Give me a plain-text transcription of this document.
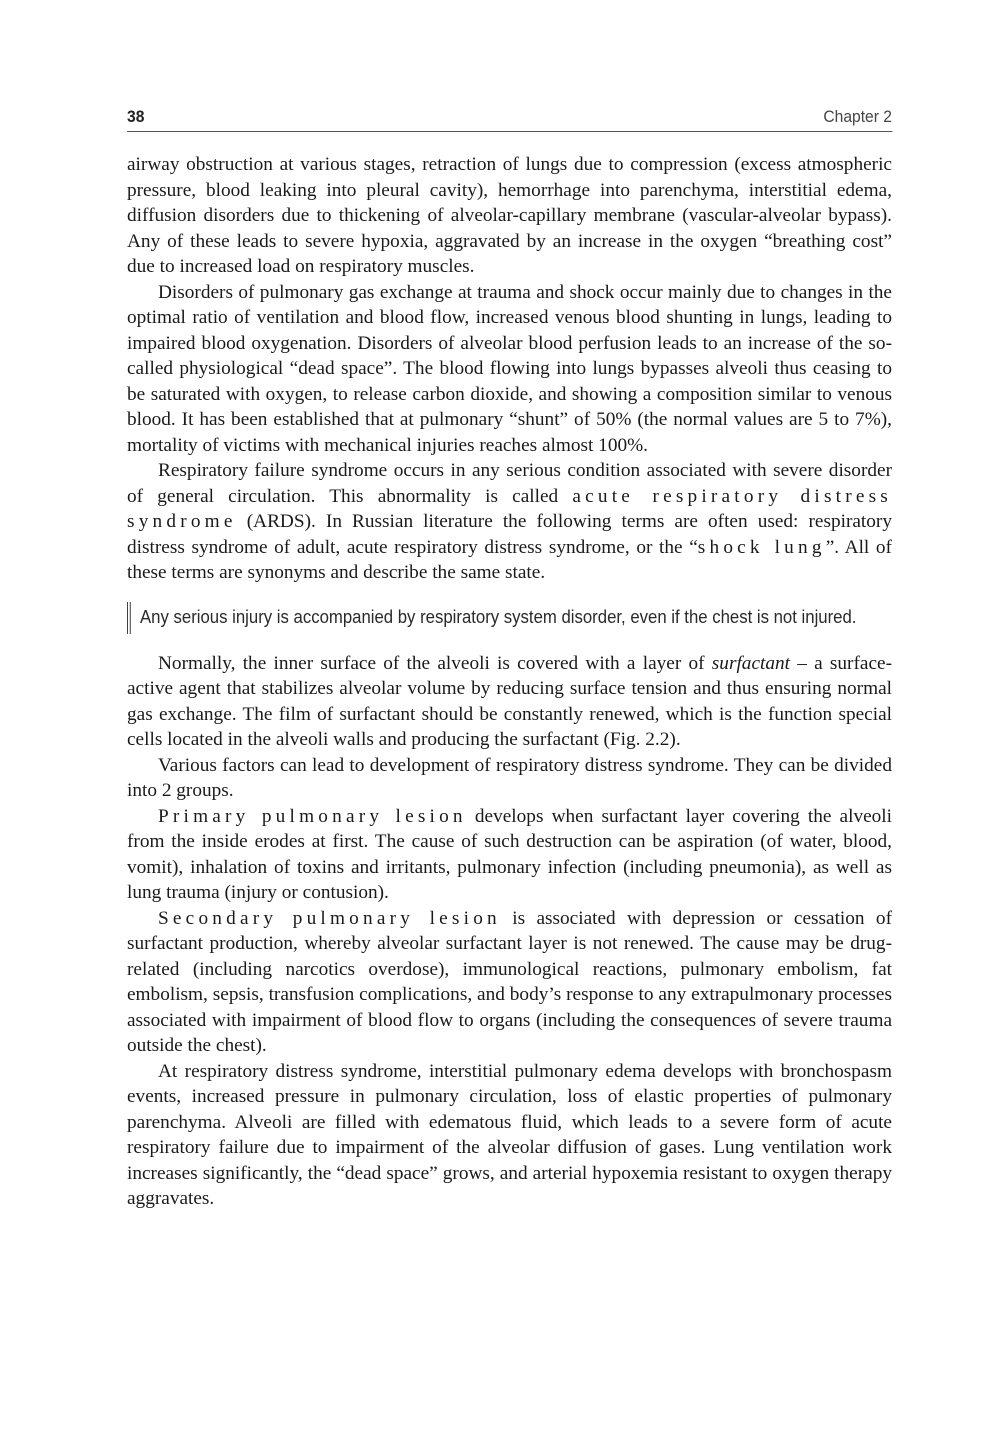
38	Chapter 2

airway obstruction at various stages, retraction of lungs due to compression (excess atmospheric pressure, blood leaking into pleural cavity), hemorrhage into parenchyma, interstitial edema, diffusion disorders due to thickening of alveolar-capillary membrane (vascular-alveolar bypass). Any of these leads to severe hypoxia, aggravated by an increase in the oxygen “breathing cost” due to increased load on respiratory muscles.

Disorders of pulmonary gas exchange at trauma and shock occur mainly due to changes in the optimal ratio of ventilation and blood flow, increased venous blood shunting in lungs, leading to impaired blood oxygenation. Disorders of alveolar blood perfusion leads to an increase of the so-called physiological “dead space”. The blood flowing into lungs bypasses alveoli thus ceasing to be saturated with oxygen, to release carbon dioxide, and showing a composition similar to venous blood. It has been established that at pulmonary “shunt” of 50% (the normal values are 5 to 7%), mortality of victims with mechanical injuries reaches almost 100%.

Respiratory failure syndrome occurs in any serious condition associated with severe disorder of general circulation. This abnormality is called acute respiratory distress syndrome (ARDS). In Russian literature the following terms are often used: respiratory distress syndrome of adult, acute respiratory distress syndrome, or the “shock lung”. All of these terms are synonyms and describe the same state.

Any serious injury is accompanied by respiratory system disorder, even if the chest is not injured.

Normally, the inner surface of the alveoli is covered with a layer of surfactant – a surface-active agent that stabilizes alveolar volume by reducing surface tension and thus ensuring normal gas exchange. The film of surfactant should be constantly renewed, which is the function special cells located in the alveoli walls and producing the surfactant (Fig. 2.2).

Various factors can lead to development of respiratory distress syndrome. They can be divided into 2 groups.

Primary pulmonary lesion develops when surfactant layer covering the alveoli from the inside erodes at first. The cause of such destruction can be aspiration (of water, blood, vomit), inhalation of toxins and irritants, pulmonary infection (including pneumonia), as well as lung trauma (injury or contusion).

Secondary pulmonary lesion is associated with depression or cessation of surfactant production, whereby alveolar surfactant layer is not renewed. The cause may be drug-related (including narcotics overdose), immunological reactions, pulmonary embolism, fat embolism, sepsis, transfusion complications, and body’s response to any extrapulmonary processes associated with impairment of blood flow to organs (including the consequences of severe trauma outside the chest).

At respiratory distress syndrome, interstitial pulmonary edema develops with bronchospasm events, increased pressure in pulmonary circulation, loss of elastic properties of pulmonary parenchyma. Alveoli are filled with edematous fluid, which leads to a severe form of acute respiratory failure due to impairment of the alveolar diffusion of gases. Lung ventilation work increases significantly, the “dead space” grows, and arterial hypoxemia resistant to oxygen therapy aggravates.
